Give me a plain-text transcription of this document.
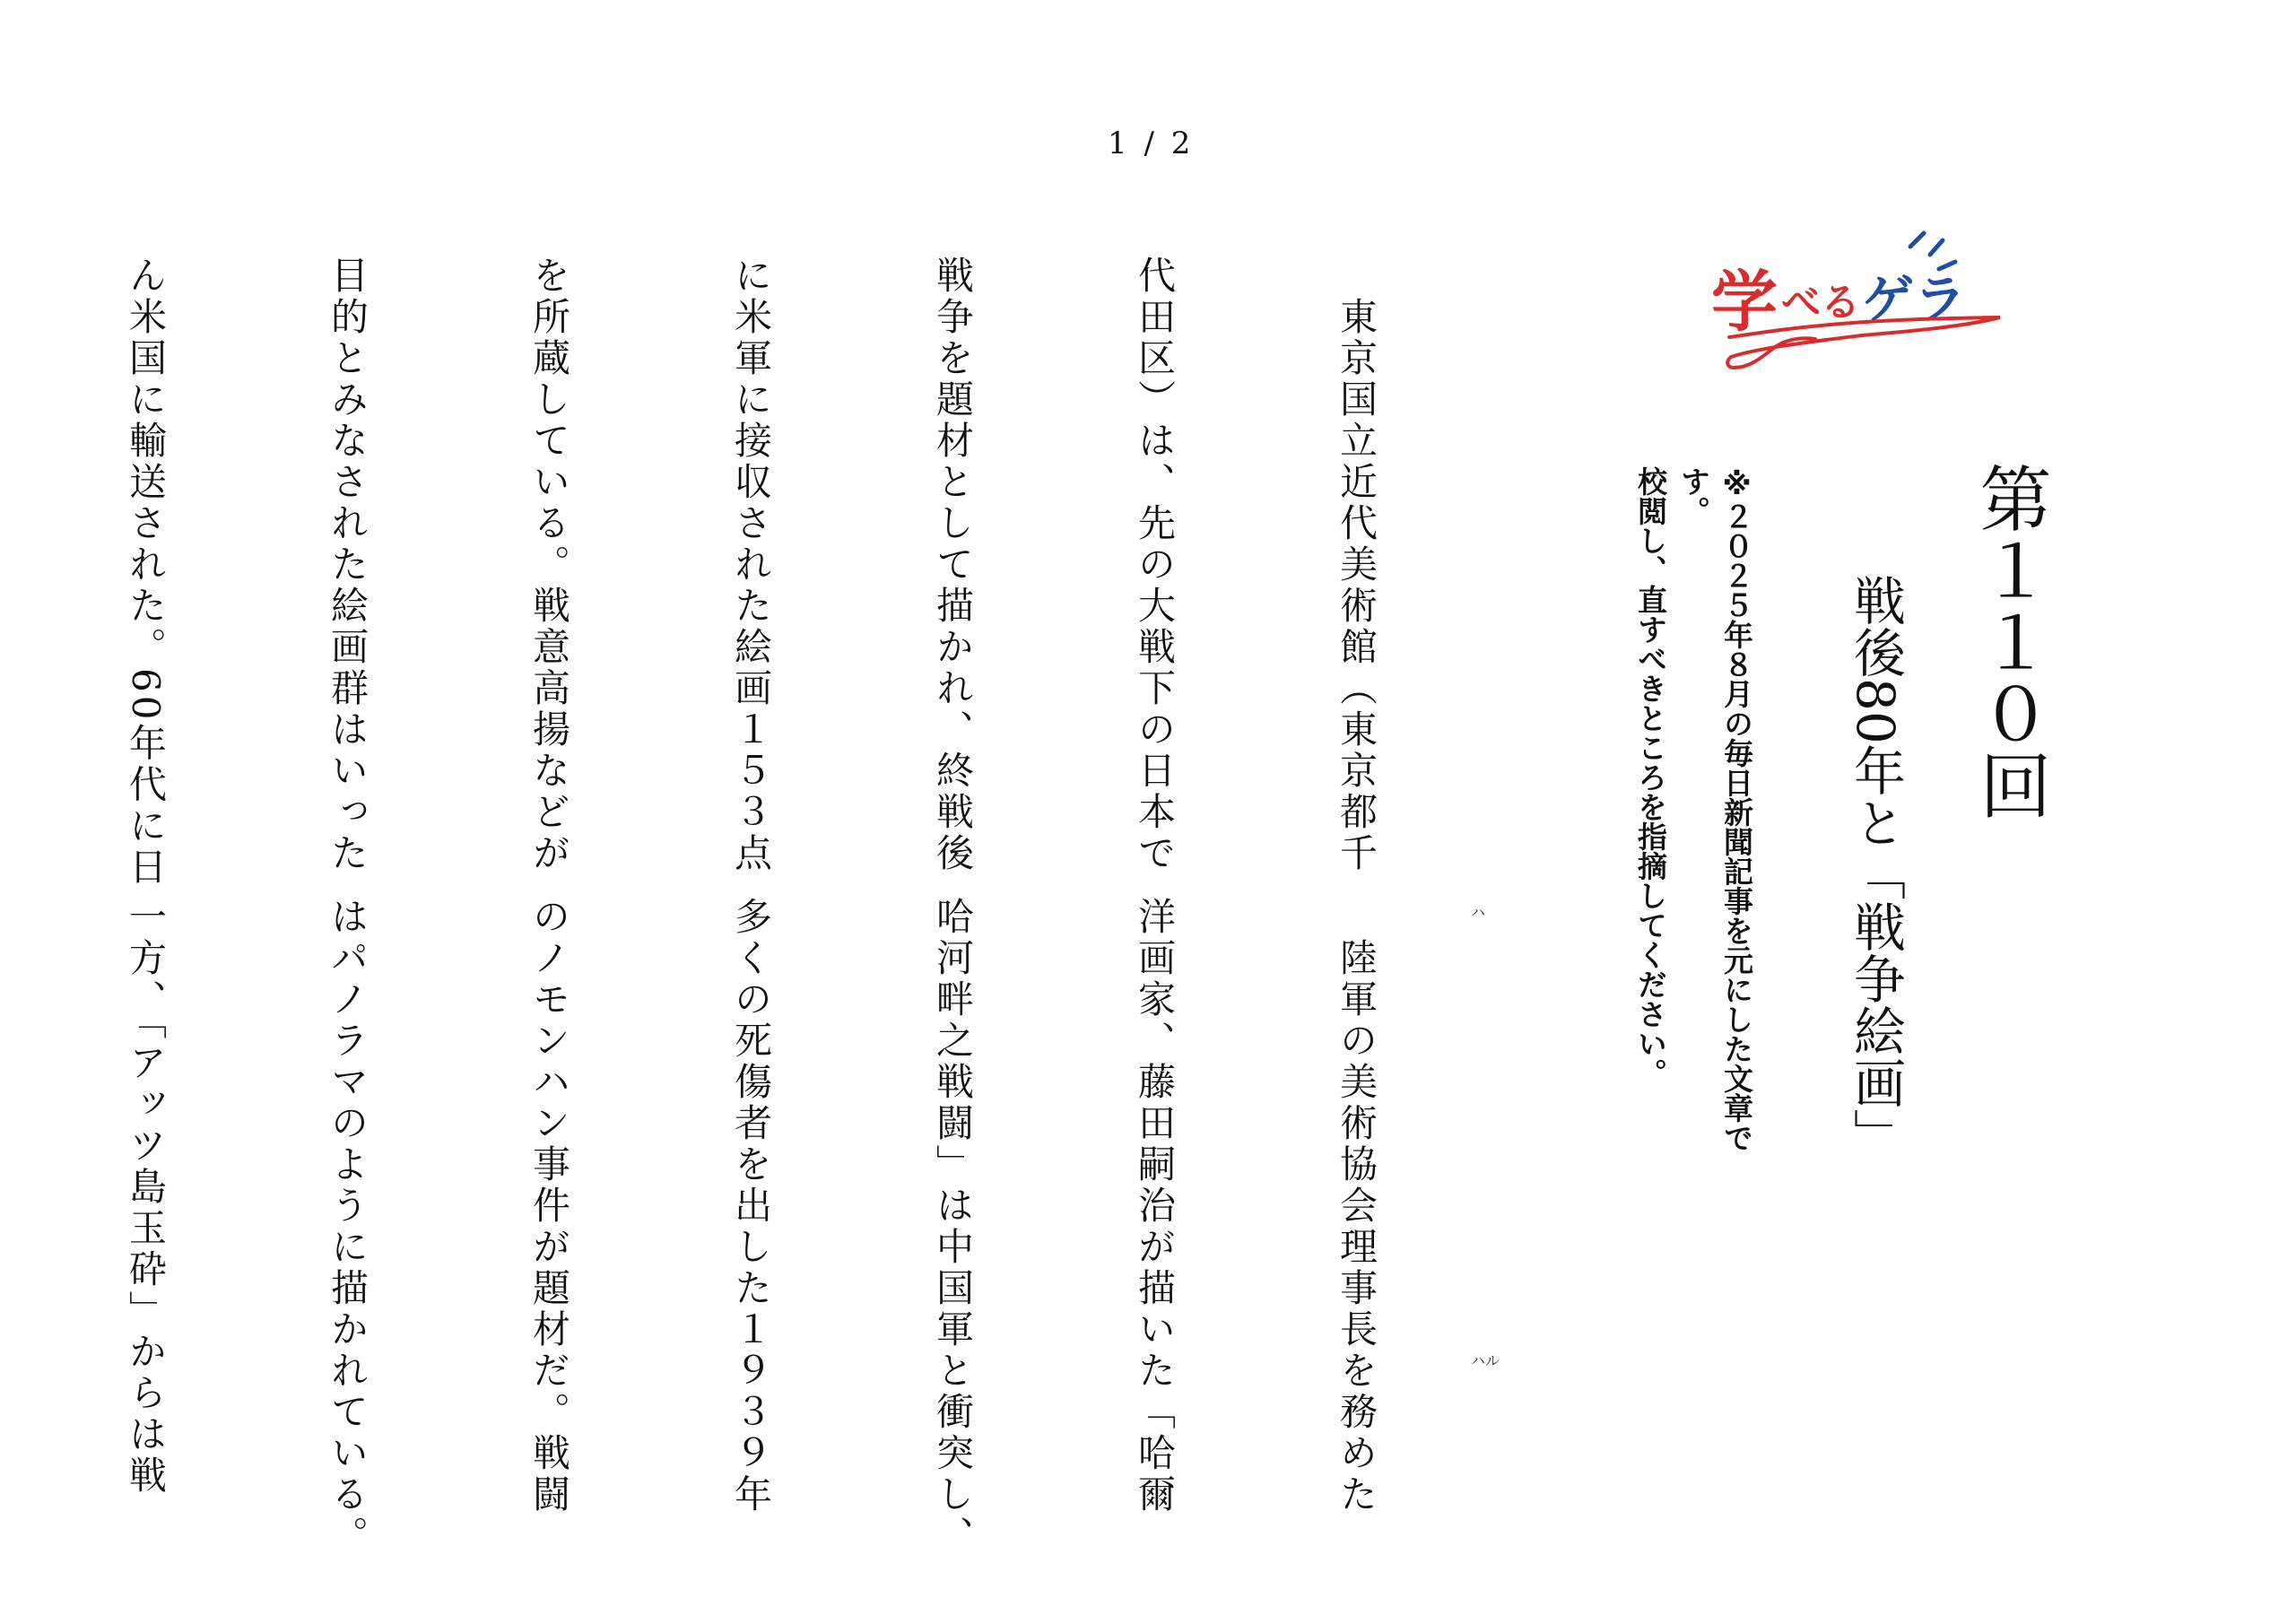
1 / 2
学 べる ゲラ
第１１０回
戦後80年と「戦争絵画」
※２０２５年８月の毎日新聞記事を元にした文章です。
校閲し、直すべきところを指摘してください。

　東京国立近代美術館（東京都千

代田区）は、先の大戦下の日本で

戦争を題材として描かれ、終戦後

に米軍に接収された絵画１５３点

を所蔵している。戦意高揚などが

目的とみなされた絵画群はいった

ん米国に輸送された。60年代に日

　陸軍の美術協会理事長を務めた

洋画家、藤田嗣治が描いた「哈爾

哈河畔之戦闘」は中国軍と衝突し、

多くの死傷者を出した１９３９年

のノモンハン事件が題材だ。戦闘

はパノラマのように描かれている。

一方、「アッツ島玉砕」からは戦

	ハ
ハル
